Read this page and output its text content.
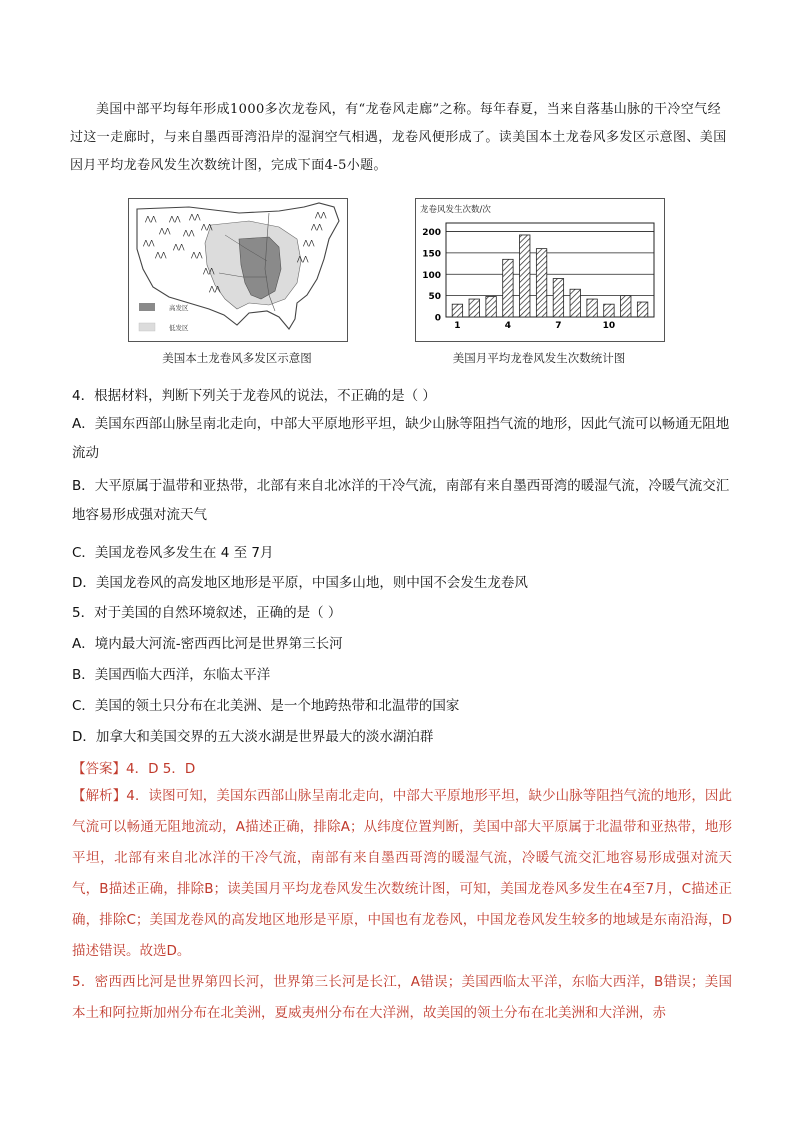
美国中部平均每年形成1000多次龙卷风，有“龙卷风走廊”之称。每年春夏，当来自落基山脉的干冷空气经过这一走廊时，与来自墨西哥湾沿岸的湿润空气相遇，龙卷风便形成了。读美国本土龙卷风多发区示意图、美国因月平均龙卷风发生次数统计图，完成下面4-5小题。
⋀⋀
⋀⋀
⋀⋀
⋀⋀
⋀⋀
⋀⋀
⋀⋀
⋀⋀
⋀⋀
⋀⋀
⋀⋀
⋀⋀
⋀⋀
⋀⋀
⋀⋀
⋀⋀
高发区
低发区
美国本土龙卷风多发区示意图
龙卷风发生次数/次
0
50
100
150
200
1	4	7	10
美国月平均龙卷风发生次数统计图
4．根据材料，判断下列关于龙卷风的说法，不正确的是（ ）
A．美国东西部山脉呈南北走向，中部大平原地形平坦，缺少山脉等阻挡气流的地形，因此气流可以畅通无阻地流动
B．大平原属于温带和亚热带，北部有来自北冰洋的干冷气流，南部有来自墨西哥湾的暖湿气流，冷暖气流交汇地容易形成强对流天气
C．美国龙卷风多发生在 4 至 7月
D．美国龙卷风的高发地区地形是平原，中国多山地，则中国不会发生龙卷风
5．对于美国的自然环境叙述，正确的是（ ）
A．境内最大河流-密西西比河是世界第三长河
B．美国西临大西洋，东临太平洋
C．美国的领土只分布在北美洲、是一个地跨热带和北温带的国家
D．加拿大和美国交界的五大淡水湖是世界最大的淡水湖泊群
【答案】4．D 5．D

【解析】4．读图可知，美国东西部山脉呈南北走向，中部大平原地形平坦，缺少山脉等阻挡气流的地形，因此气流可以畅通无阻地流动，A描述正确，排除A；从纬度位置判断，美国中部大平原属于北温带和亚热带，地形平坦，北部有来自北冰洋的干冷气流，南部有来自墨西哥湾的暖湿气流，冷暖气流交汇地容易形成强对流天气，B描述正确，排除B；读美国月平均龙卷风发生次数统计图，可知，美国龙卷风多发生在4至7月，C描述正确，排除C；美国龙卷风的高发地区地形是平原，中国也有龙卷风，中国龙卷风发生较多的地域是东南沿海，D描述错误。故选D。

5．密西西比河是世界第四长河，世界第三长河是长江，A错误；美国西临太平洋，东临大西洋，B错误；美国本土和阿拉斯加州分布在北美洲，夏威夷州分布在大洋洲，故美国的领土分布在北美洲和大洋洲，赤
